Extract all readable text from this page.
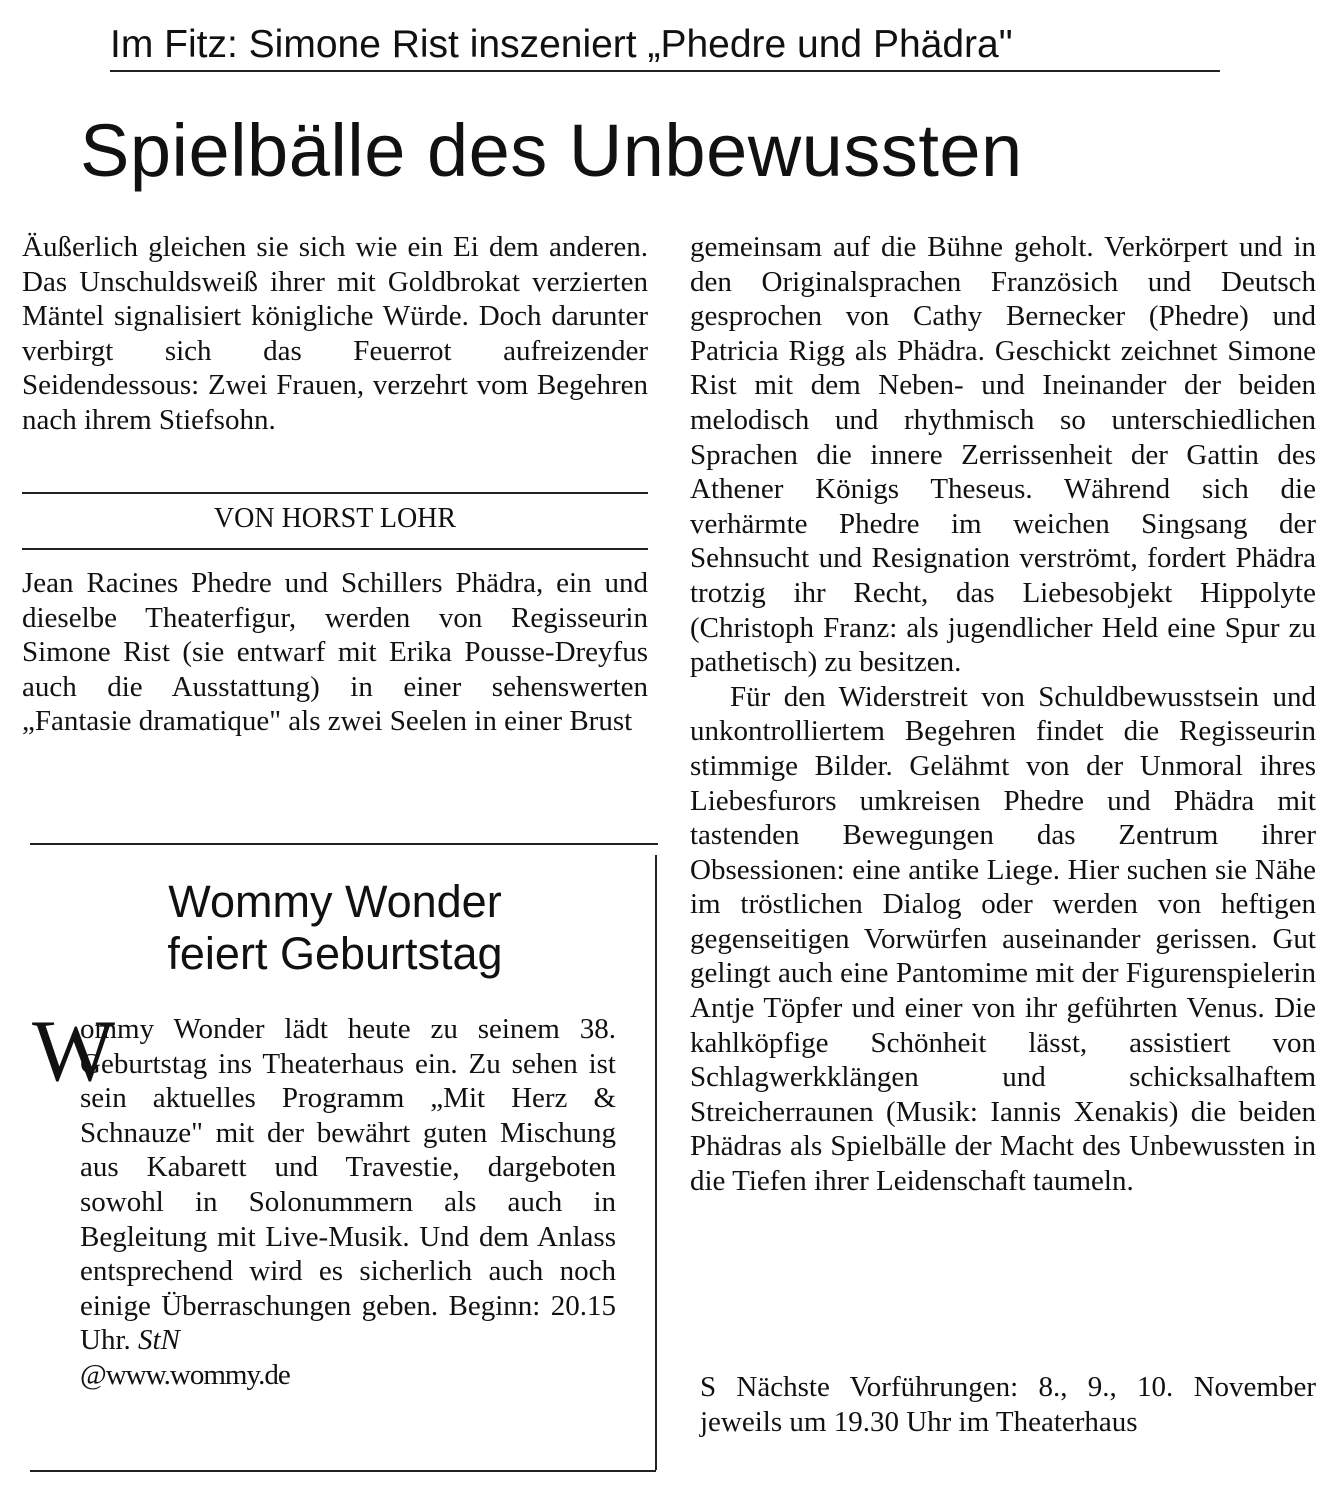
Im Fitz: Simone Rist inszeniert „Phedre und Phädra"
Spielbälle des Unbewussten

Äußerlich gleichen sie sich wie ein Ei dem anderen. Das Unschuldsweiß ihrer mit Goldbrokat verzierten Mäntel signalisiert königliche Würde. Doch darunter verbirgt sich das Feuerrot aufreizender Seidendessous: Zwei Frauen, verzehrt vom Begehren nach ihrem Stiefsohn.

VON HORST LOHR

Jean Racines Phedre und Schillers Phädra, ein und dieselbe Theaterfigur, werden von Regisseurin Simone Rist (sie entwarf mit Erika Pousse-Dreyfus auch die Ausstattung) in einer sehenswerten „Fantasie dramatique" als zwei Seelen in einer Brust

gemeinsam auf die Bühne geholt. Verkörpert und in den Originalsprachen Französich und Deutsch gesprochen von Cathy Bernecker (Phedre) und Patricia Rigg als Phädra. Geschickt zeichnet Simone Rist mit dem Neben- und Ineinander der beiden melodisch und rhythmisch so unterschiedlichen Sprachen die innere Zerrissenheit der Gattin des Athener Königs Theseus. Während sich die verhärmte Phedre im weichen Singsang der Sehnsucht und Resignation verströmt, fordert Phädra trotzig ihr Recht, das Liebesobjekt Hippolyte (Christoph Franz: als jugendlicher Held eine Spur zu pathetisch) zu besitzen.

Für den Widerstreit von Schuldbewusstsein und unkontrolliertem Begehren findet die Regisseurin stimmige Bilder. Gelähmt von der Unmoral ihres Liebesfurors umkreisen Phedre und Phädra mit tastenden Bewegungen das Zentrum ihrer Obsessionen: eine antike Liege. Hier suchen sie Nähe im tröstlichen Dialog oder werden von heftigen gegenseitigen Vorwürfen auseinander gerissen. Gut gelingt auch eine Pantomime mit der Figurenspielerin Antje Töpfer und einer von ihr geführten Venus. Die kahlköpfige Schönheit lässt, assistiert von Schlagwerkklängen und schicksalhaftem Streicherraunen (Musik: Iannis Xenakis) die beiden Phädras als Spielbälle der Macht des Unbewussten in die Tiefen ihrer Leidenschaft taumeln.

S Nächste Vorführungen: 8., 9., 10. November jeweils um 19.30 Uhr im Theaterhaus

Wommy Wonder
feiert Geburtstag
W

ommy Wonder lädt heute zu seinem 38. Geburtstag ins Theaterhaus ein. Zu sehen ist sein aktuelles Programm „Mit Herz & Schnauze" mit der bewährt guten Mischung aus Kabarett und Travestie, dargeboten sowohl in Solonummern als auch in Begleitung mit Live-Musik. Und dem Anlass entsprechend wird es sicherlich auch noch einige Überraschungen geben. Beginn: 20.15 Uhr. StN

@www.wommy.de
